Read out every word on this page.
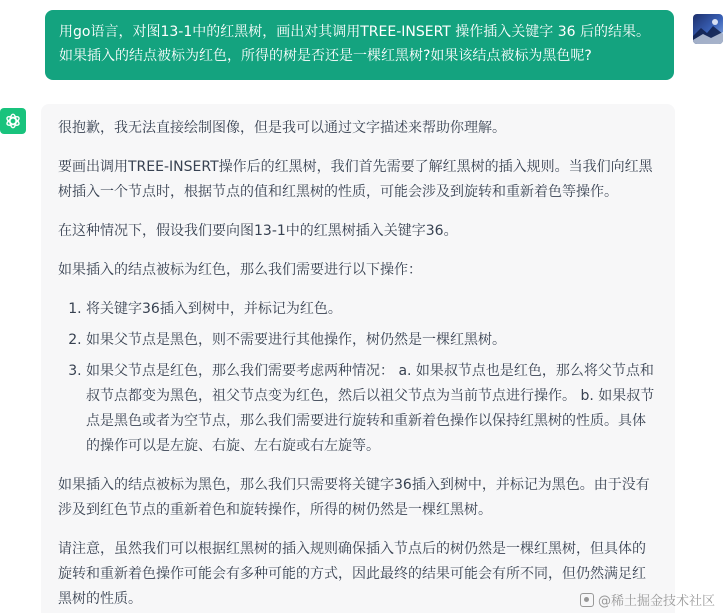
用go语言，对图13-1中的红黑树，画出对其调用TREE-INSERT 操作插入关键字 36 后的结果。如果插入的结点被标为红色，所得的树是否还是一棵红黑树?如果该结点被标为黑色呢?

很抱歉，我无法直接绘制图像，但是我可以通过文字描述来帮助你理解。

要画出调用TREE-INSERT操作后的红黑树，我们首先需要了解红黑树的插入规则。当我们向红黑树插入一个节点时，根据节点的值和红黑树的性质，可能会涉及到旋转和重新着色等操作。

在这种情况下，假设我们要向图13-1中的红黑树插入关键字36。

如果插入的结点被标为红色，那么我们需要进行以下操作：

1. 将关键字36插入到树中，并标记为红色。
2. 如果父节点是黑色，则不需要进行其他操作，树仍然是一棵红黑树。
3. 如果父节点是红色，那么我们需要考虑两种情况： a. 如果叔节点也是红色，那么将父节点和叔节点都变为黑色，祖父节点变为红色，然后以祖父节点为当前节点进行操作。 b. 如果叔节点是黑色或者为空节点，那么我们需要进行旋转和重新着色操作以保持红黑树的性质。具体的操作可以是左旋、右旋、左右旋或右左旋等。

如果插入的结点被标为黑色，那么我们只需要将关键字36插入到树中，并标记为黑色。由于没有涉及到红色节点的重新着色和旋转操作，所得的树仍然是一棵红黑树。

请注意，虽然我们可以根据红黑树的插入规则确保插入节点后的树仍然是一棵红黑树，但具体的旋转和重新着色操作可能会有多种可能的方式，因此最终的结果可能会有所不同，但仍然满足红黑树的性质。	@稀土掘金技术社区
